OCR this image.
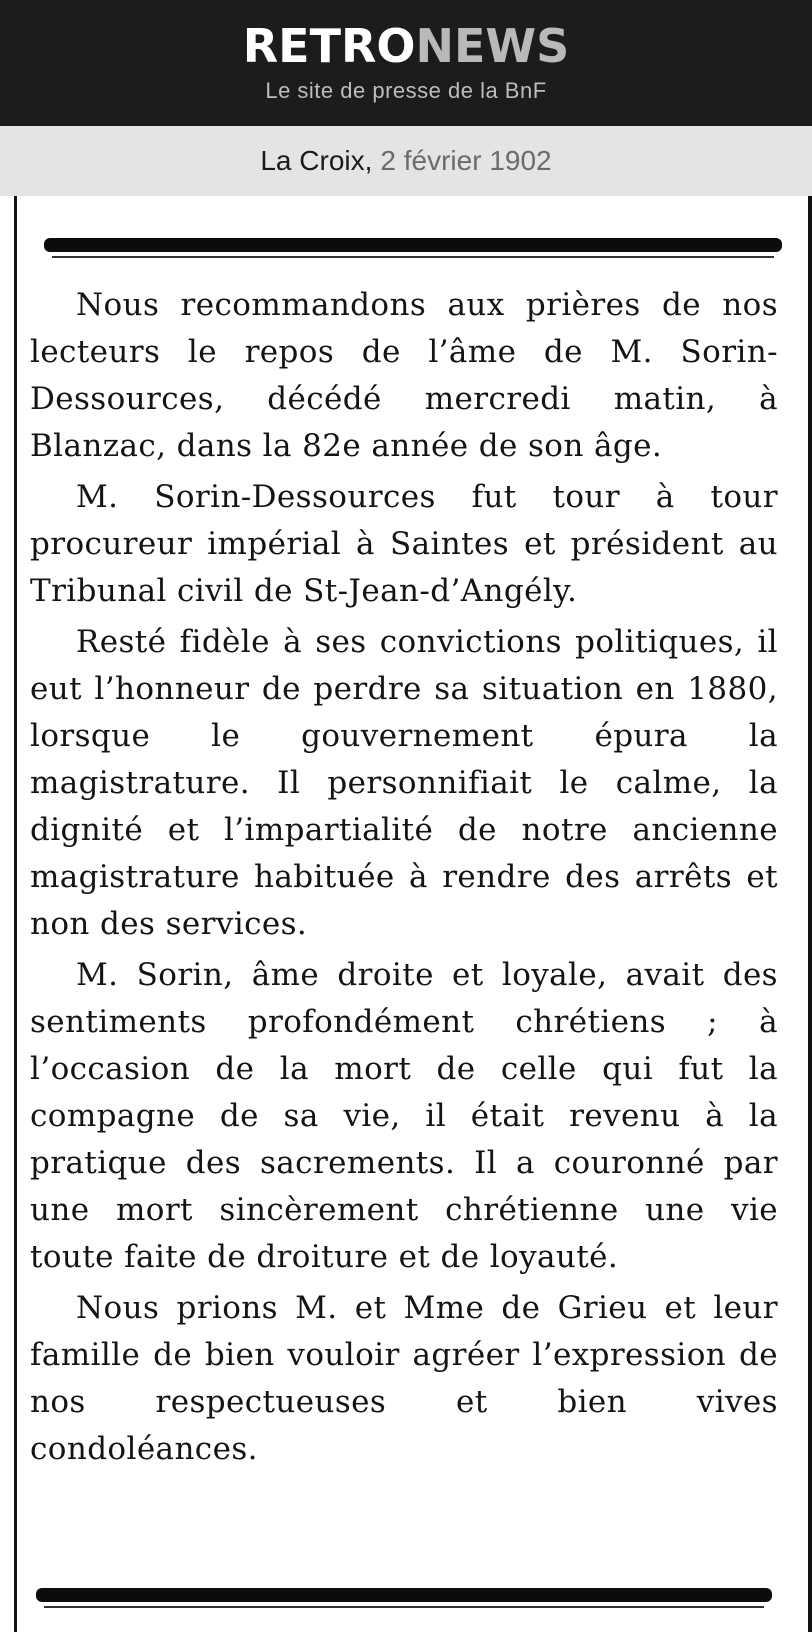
RETRONEWS
Le site de presse de la BnF
La Croix, 2 février 1902

Nous recommandons aux prières de nos lecteurs le repos de l’âme de M. Sorin-Dessources, décédé mercredi matin, à Blanzac, dans la 82e année de son âge.

M. Sorin-Dessources fut tour à tour procureur impérial à Saintes et président au Tribunal civil de St-Jean-d’Angély.

Resté fidèle à ses convictions politiques, il eut l’honneur de perdre sa situation en 1880, lorsque le gouvernement épura la magistrature. Il personnifiait le calme, la dignité et l’impartialité de notre ancienne magistrature habituée à rendre des arrêts et non des services.

M. Sorin, âme droite et loyale, avait des sentiments profondément chrétiens ; à l’occasion de la mort de celle qui fut la compagne de sa vie, il était revenu à la pratique des sacrements. Il a couronné par une mort sincèrement chrétienne une vie toute faite de droiture et de loyauté.

Nous prions M. et Mme de Grieu et leur famille de bien vouloir agréer l’expression de nos respectueuses et bien vives condoléances.
